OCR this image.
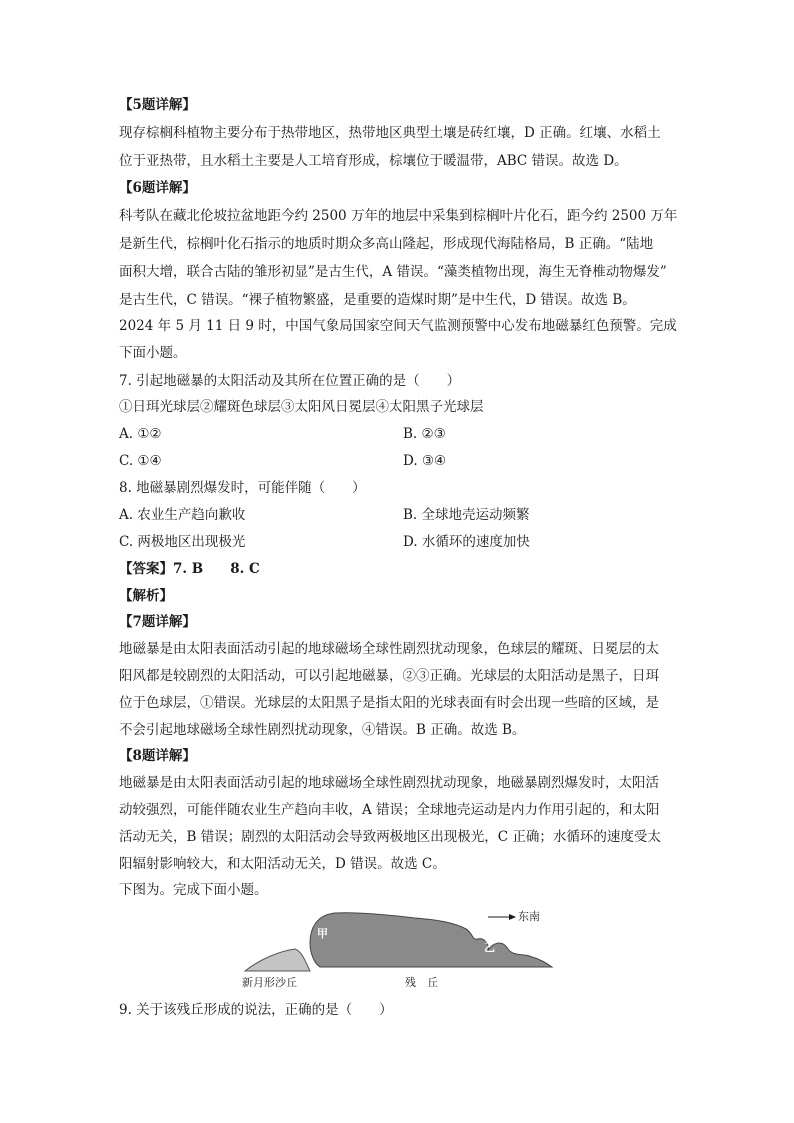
【5题详解】
现存棕榈科植物主要分布于热带地区，热带地区典型土壤是砖红壤，D 正确。红壤、水稻土
位于亚热带，且水稻土主要是人工培育形成，棕壤位于暖温带，ABC 错误。故选 D。
【6题详解】
科考队在藏北伦坡拉盆地距今约 2500 万年的地层中采集到棕榈叶片化石，距今约 2500 万年
是新生代，棕榈叶化石指示的地质时期众多高山隆起，形成现代海陆格局，B 正确。“陆地
面积大增，联合古陆的雏形初显”是古生代，A 错误。“藻类植物出现，海生无脊椎动物爆发”
是古生代，C 错误。“裸子植物繁盛，是重要的造煤时期”是中生代，D 错误。故选 B。
2024 年 5 月 11 日 9 时，中国气象局国家空间天气监测预警中心发布地磁暴红色预警。完成
下面小题。
7. 引起地磁暴的太阳活动及其所在位置正确的是（　　）
①日珥光球层②耀斑色球层③太阳风日冕层④太阳黑子光球层
A. ①②	B. ②③
C. ①④	D. ③④
8. 地磁暴剧烈爆发时，可能伴随（　　）
A. 农业生产趋向歉收	B. 全球地壳运动频繁
C. 两极地区出现极光	D. 水循环的速度加快
【答案】7. B　　8. C
【解析】
【7题详解】
地磁暴是由太阳表面活动引起的地球磁场全球性剧烈扰动现象，色球层的耀斑、日冕层的太
阳风都是较剧烈的太阳活动，可以引起地磁暴，②③正确。光球层的太阳活动是黑子，日珥
位于色球层，①错误。光球层的太阳黑子是指太阳的光球表面有时会出现一些暗的区域，是
不会引起地球磁场全球性剧烈扰动现象，④错误。B 正确。故选 B。
【8题详解】
地磁暴是由太阳表面活动引起的地球磁场全球性剧烈扰动现象，地磁暴剧烈爆发时，太阳活
动较强烈，可能伴随农业生产趋向丰收，A 错误；全球地壳运动是内力作用引起的，和太阳
活动无关，B 错误；剧烈的太阳活动会导致两极地区出现极光，C 正确；水循环的速度受太
阳辐射影响较大，和太阳活动无关，D 错误。故选 C。
下图为。完成下面小题。
东南
甲
乙
新月形沙丘	残　丘
9. 关于该残丘形成的说法，正确的是（　　）
